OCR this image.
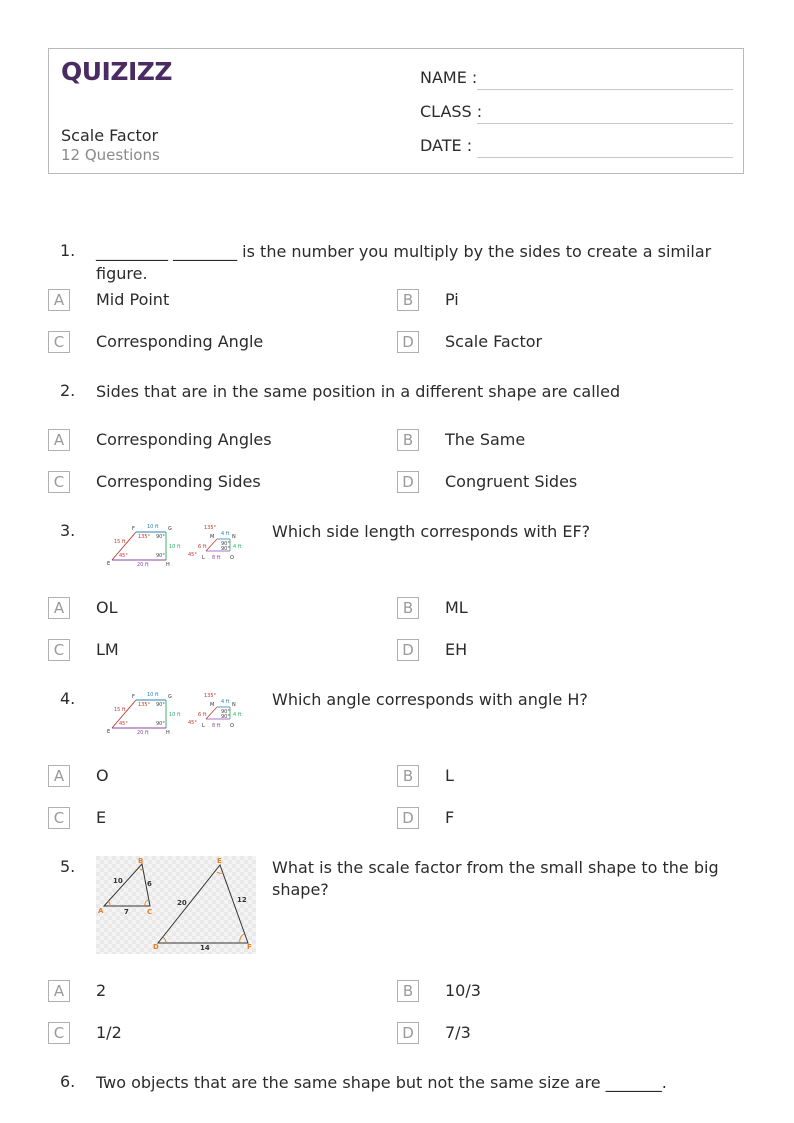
QUIZIZZ
Scale Factor
12 Questions
NAME :
CLASS :
DATE :
1. _________ ________ is the number you multiply by the sides to create a similar figure.
A	Mid Point	B	Pi
C	Corresponding Angle	D	Scale Factor
2. Sides that are in the same position in a different shape are called
A	Corresponding Angles	B	The Same
C	Corresponding Sides	D	Congruent Sides
3.	Which side length corresponds with EF?
10 ft
15 ft
10 ft
20 ft
135° 90°
45°	90°
E
F	G
H
4 ft
6 ft	4 ft
8 ft
135°
90°
45°
90°
L
M	N
O
A	OL	B	ML
C	LM	D	EH
4.	Which angle corresponds with angle H?
10 ft
15 ft
10 ft
20 ft
135° 90°
45°	90°
E
F	G
H
4 ft
6 ft	4 ft
8 ft
135°
90°
45°
90°
L
M	N
O
A	O	B	L
C	E	D	F
5.	What is the scale factor from the small shape to the big shape?
10	6
7
A
B
C
20	12
14
D
E
F
A	2	B	10/3
C	1/2	D	7/3
6. Two objects that are the same shape but not the same size are _______.
